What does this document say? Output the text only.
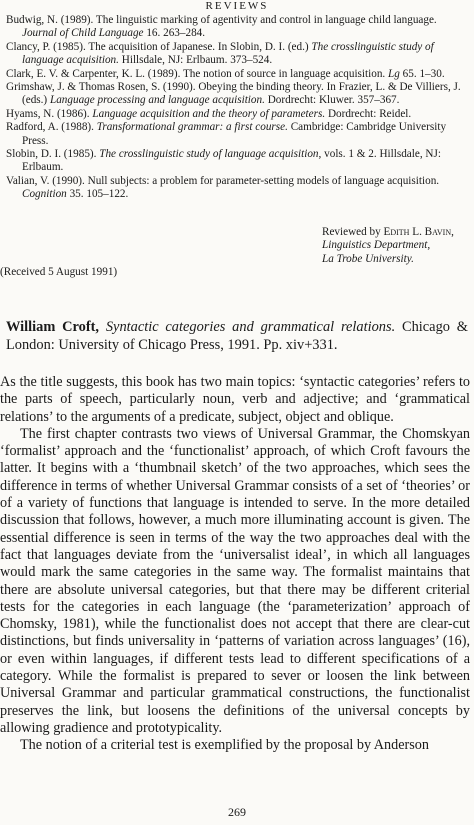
REVIEWS

Budwig, N. (1989). The linguistic marking of agentivity and control in language child language. Journal of Child Language 16. 263–284.

Clancy, P. (1985). The acquisition of Japanese. In Slobin, D. I. (ed.) The crosslinguistic study of language acquisition. Hillsdale, NJ: Erlbaum. 373–524.

Clark, E. V. & Carpenter, K. L. (1989). The notion of source in language acquisition. Lg 65. 1–30.

Grimshaw, J. & Thomas Rosen, S. (1990). Obeying the binding theory. In Frazier, L. & De Villiers, J. (eds.) Language processing and language acquisition. Dordrecht: Kluwer. 357–367.

Hyams, N. (1986). Language acquisition and the theory of parameters. Dordrecht: Reidel.

Radford, A. (1988). Transformational grammar: a first course. Cambridge: Cambridge University Press.

Slobin, D. I. (1985). The crosslinguistic study of language acquisition, vols. 1 & 2. Hillsdale, NJ: Erlbaum.

Valian, V. (1990). Null subjects: a problem for parameter-setting models of language acquisition. Cognition 35. 105–122.

Reviewed by Edith L. Bavin,
Linguistics Department,
La Trobe University.
(Received 5 August 1991)
William Croft, Syntactic categories and grammatical relations. Chicago & London: University of Chicago Press, 1991. Pp. xiv+331.

As the title suggests, this book has two main topics: ‘syntactic categories’ refers to the parts of speech, particularly noun, verb and adjective; and ‘grammatical relations’ to the arguments of a predicate, subject, object and oblique.

The first chapter contrasts two views of Universal Grammar, the Chomskyan ‘formalist’ approach and the ‘functionalist’ approach, of which Croft favours the latter. It begins with a ‘thumbnail sketch’ of the two approaches, which sees the difference in terms of whether Universal Grammar consists of a set of ‘theories’ or of a variety of functions that language is intended to serve. In the more detailed discussion that follows, however, a much more illuminating account is given. The essential difference is seen in terms of the way the two approaches deal with the fact that languages deviate from the ‘universalist ideal’, in which all languages would mark the same categories in the same way. The formalist maintains that there are absolute universal categories, but that there may be different criterial tests for the categories in each language (the ‘parameterization’ approach of Chomsky, 1981), while the functionalist does not accept that there are clear-cut distinctions, but finds universality in ‘patterns of variation across languages’ (16), or even within languages, if different tests lead to different specifications of a category. While the formalist is prepared to sever or loosen the link between Universal Grammar and particular grammatical constructions, the functionalist preserves the link, but loosens the definitions of the universal concepts by allowing gradience and prototypicality.

The notion of a criterial test is exemplified by the proposal by Anderson

269
